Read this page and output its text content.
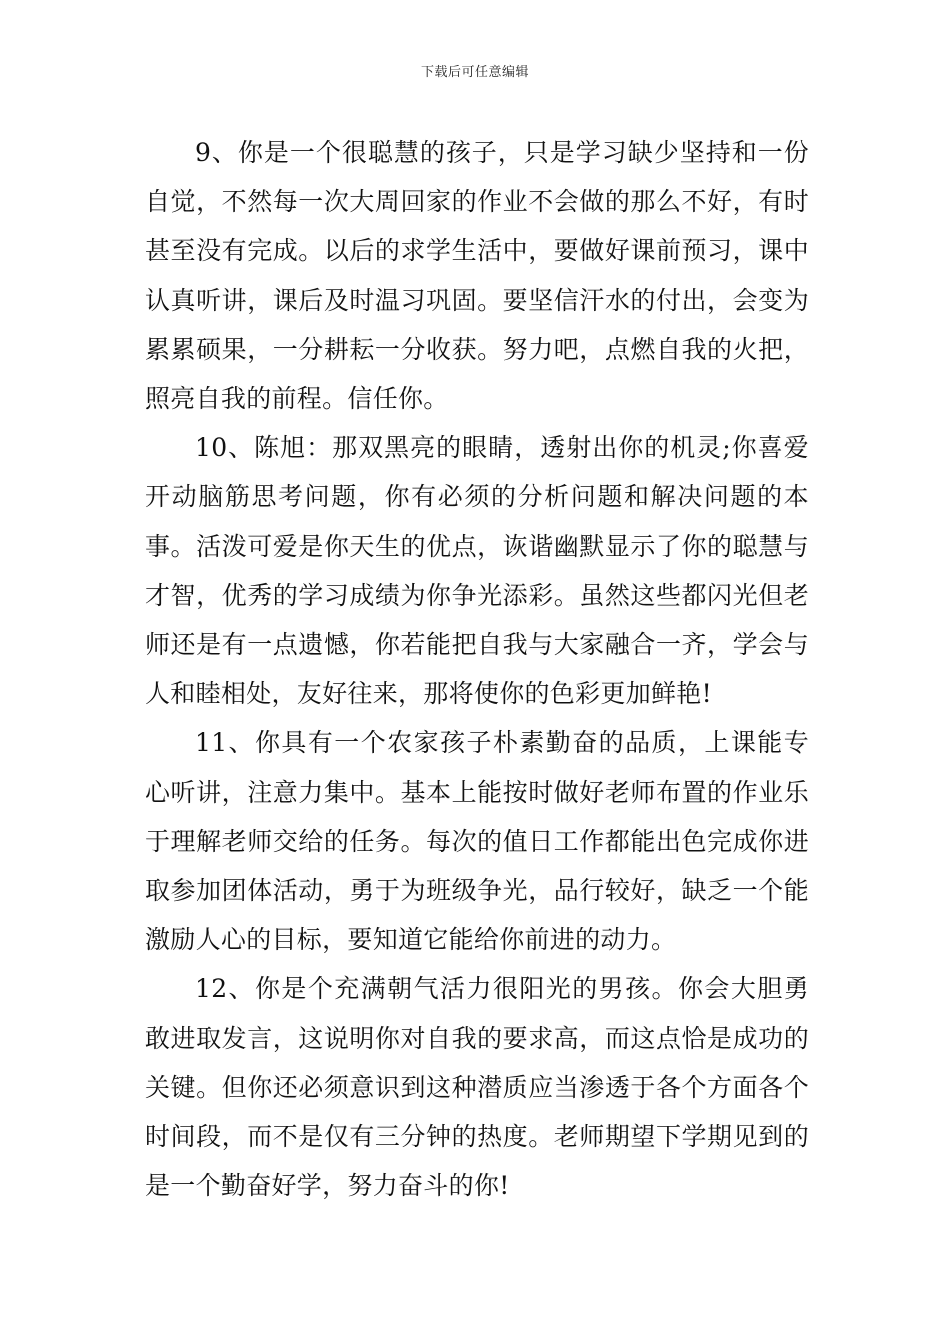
下载后可任意编辑

9、你是一个很聪慧的孩子，只是学习缺少坚持和一份自觉，不然每一次大周回家的作业不会做的那么不好，有时甚至没有完成。以后的求学生活中，要做好课前预习，课中认真听讲，课后及时温习巩固。要坚信汗水的付出，会变为累累硕果，一分耕耘一分收获。努力吧，点燃自我的火把，照亮自我的前程。信任你。

10、陈旭：那双黑亮的眼睛，透射出你的机灵;你喜爱开动脑筋思考问题，你有必须的分析问题和解决问题的本事。活泼可爱是你天生的优点，诙谐幽默显示了你的聪慧与才智，优秀的学习成绩为你争光添彩。虽然这些都闪光但老师还是有一点遗憾，你若能把自我与大家融合一齐，学会与人和睦相处，友好往来，那将使你的色彩更加鲜艳!

11、你具有一个农家孩子朴素勤奋的品质，上课能专心听讲，注意力集中。基本上能按时做好老师布置的作业乐于理解老师交给的任务。每次的值日工作都能出色完成你进取参加团体活动，勇于为班级争光，品行较好，缺乏一个能激励人心的目标，要知道它能给你前进的动力。

12、你是个充满朝气活力很阳光的男孩。你会大胆勇敢进取发言，这说明你对自我的要求高，而这点恰是成功的关键。但你还必须意识到这种潜质应当渗透于各个方面各个时间段，而不是仅有三分钟的热度。老师期望下学期见到的是一个勤奋好学，努力奋斗的你!
